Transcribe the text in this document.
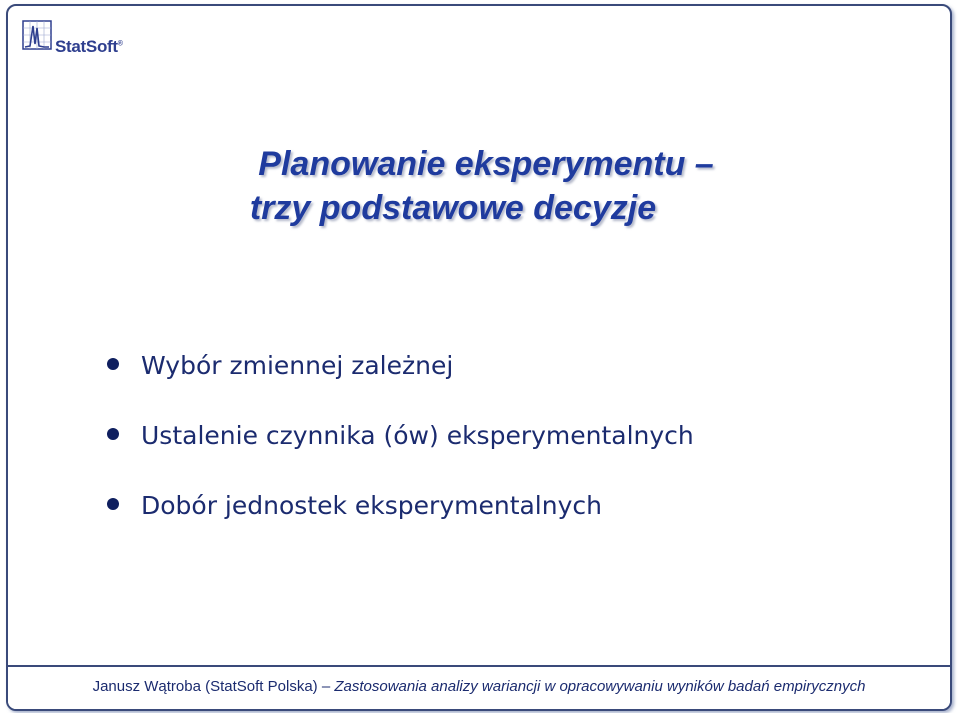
StatSoft®
Planowanie eksperymentu –
trzy podstawowe decyzje
Wybór zmiennej zależnej
Ustalenie czynnika (ów) eksperymentalnych
Dobór jednostek eksperymentalnych
Janusz Wątroba (StatSoft Polska) – Zastosowania analizy wariancji w opracowywaniu wyników badań empirycznych
